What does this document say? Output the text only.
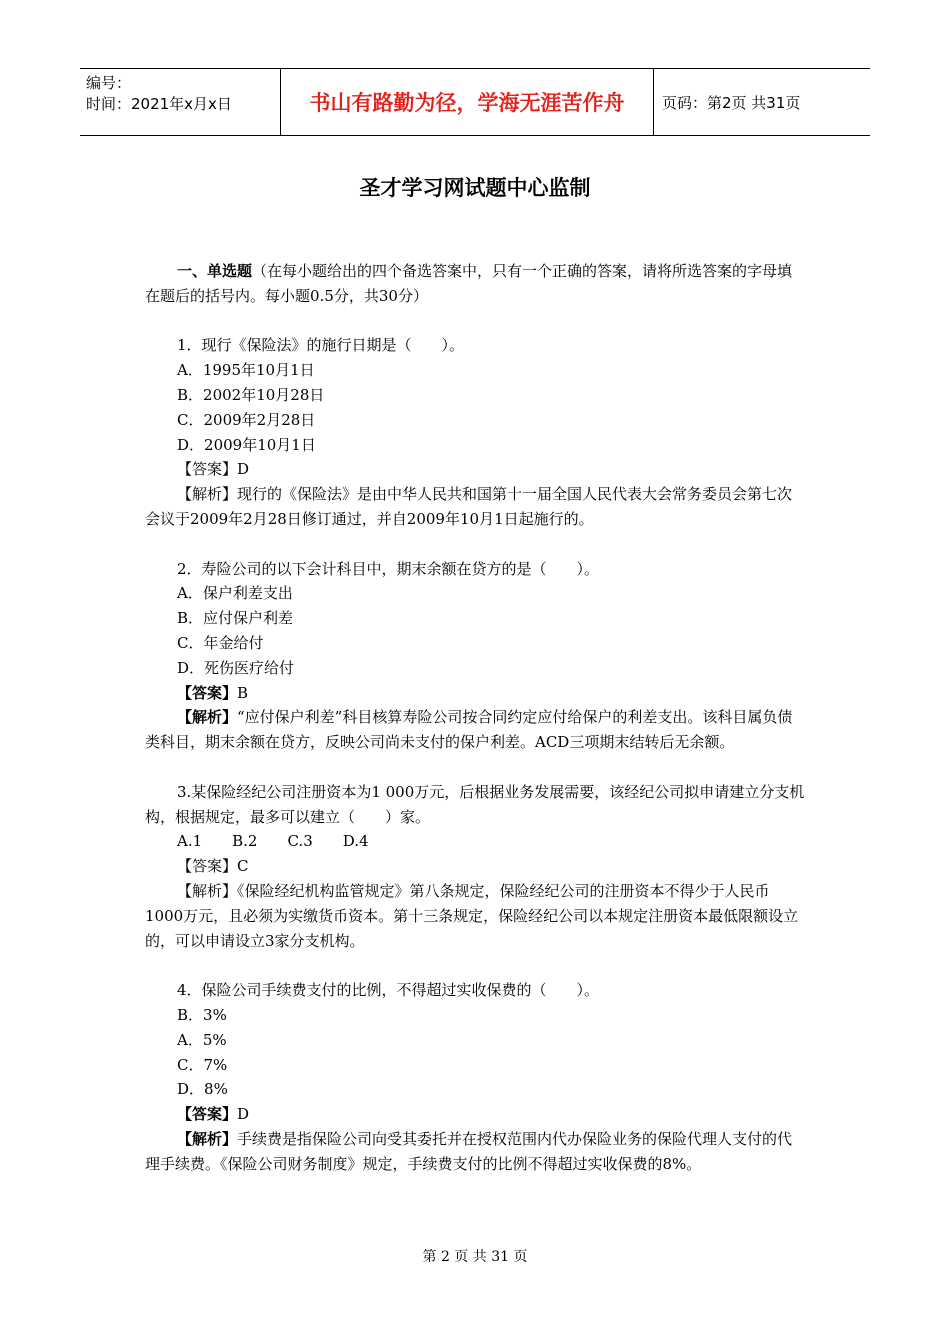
编号：
时间：2021年x月x日	书山有路勤为径，学海无涯苦作舟	页码：第2页 共31页
圣才学习网试题中心监制

一、单选题（在每小题给出的四个备选答案中，只有一个正确的答案，请将所选答案的字母填在题后的括号内。每小题0.5分，共30分）

1．现行《保险法》的施行日期是（　　）。

A．1995年10月1日

B．2002年10月28日

C．2009年2月28日

D．2009年10月1日

【答案】D

【解析】现行的《保险法》是由中华人民共和国第十一届全国人民代表大会常务委员会第七次会议于2009年2月28日修订通过，并自2009年10月1日起施行的。

2．寿险公司的以下会计科目中，期末余额在贷方的是（　　）。

A．保户利差支出

B．应付保户利差

C．年金给付

D．死伤医疗给付

【答案】B

【解析】“应付保户利差”科目核算寿险公司按合同约定应付给保户的利差支出。该科目属负债类科目，期末余额在贷方，反映公司尚未支付的保户利差。ACD三项期末结转后无余额。

3.某保险经纪公司注册资本为1 000万元，后根据业务发展需要，该经纪公司拟申请建立分支机构，根据规定，最多可以建立（　　）家。

A.1　　B.2　　C.3　　D.4

【答案】C

【解析】《保险经纪机构监管规定》第八条规定，保险经纪公司的注册资本不得少于人民币1000万元，且必须为实缴货币资本。第十三条规定，保险经纪公司以本规定注册资本最低限额设立的，可以申请设立3家分支机构。

4．保险公司手续费支付的比例，不得超过实收保费的（　　）。

B．3%

A．5%

C．7%

D．8%

【答案】D

【解析】手续费是指保险公司向受其委托并在授权范围内代办保险业务的保险代理人支付的代理手续费。《保险公司财务制度》规定，手续费支付的比例不得超过实收保费的8%。

第 2 页 共 31 页
